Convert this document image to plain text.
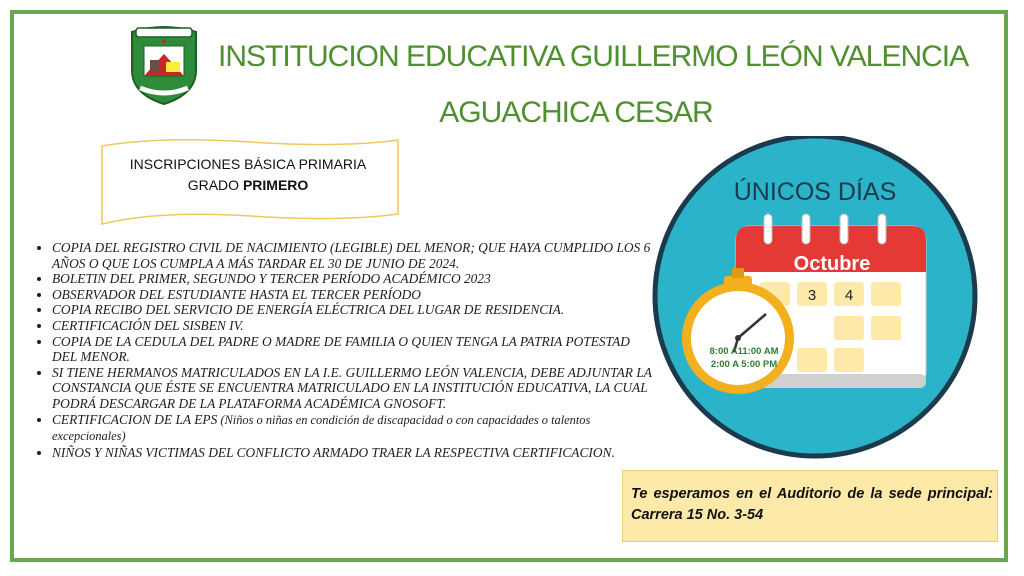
INSTITUCION EDUCATIVA GUILLERMO LEÓN VALENCIA
AGUACHICA CESAR
INSCRIPCIONES BÁSICA PRIMARIA
GRADO PRIMERO
• COPIA DEL REGISTRO CIVIL DE NACIMIENTO (LEGIBLE) DEL MENOR; QUE HAYA CUMPLIDO LOS 6 AÑOS O QUE LOS CUMPLA A MÁS TARDAR EL 30 DE JUNIO DE 2024.
• BOLETIN DEL PRIMER, SEGUNDO Y TERCER PERÍODO ACADÉMICO 2023
• OBSERVADOR DEL ESTUDIANTE HASTA EL TERCER PERÍODO
• COPIA RECIBO DEL SERVICIO DE ENERGÍA ELÉCTRICA DEL LUGAR DE RESIDENCIA.
• CERTIFICACIÓN DEL SISBEN IV.
• COPIA DE LA CEDULA DEL PADRE O MADRE DE FAMILIA O QUIEN TENGA LA PATRIA POTESTAD DEL MENOR.
• SI TIENE HERMANOS MATRICULADOS EN LA I.E. GUILLERMO LEÓN VALENCIA, DEBE ADJUNTAR LA CONSTANCIA QUE ÉSTE SE ENCUENTRA MATRICULADO EN LA INSTITUCIÓN EDUCATIVA, LA CUAL PODRÁ DESCARGAR DE LA PLATAFORMA ACADÉMICA GNOSOFT.
• CERTIFICACION DE LA EPS (Niños o niñas en condición de discapacidad o con capacidades o talentos excepcionales)
• NIÑOS Y NIÑAS VICTIMAS DEL CONFLICTO ARMADO TRAER LA RESPECTIVA CERTIFICACION.
ÚNICOS DÍAS
Octubre
3 4
8:00 A11:00 AM
2:00 A 5:00 PM
Te esperamos en el Auditorio de la sede principal: Carrera 15 No. 3-54
